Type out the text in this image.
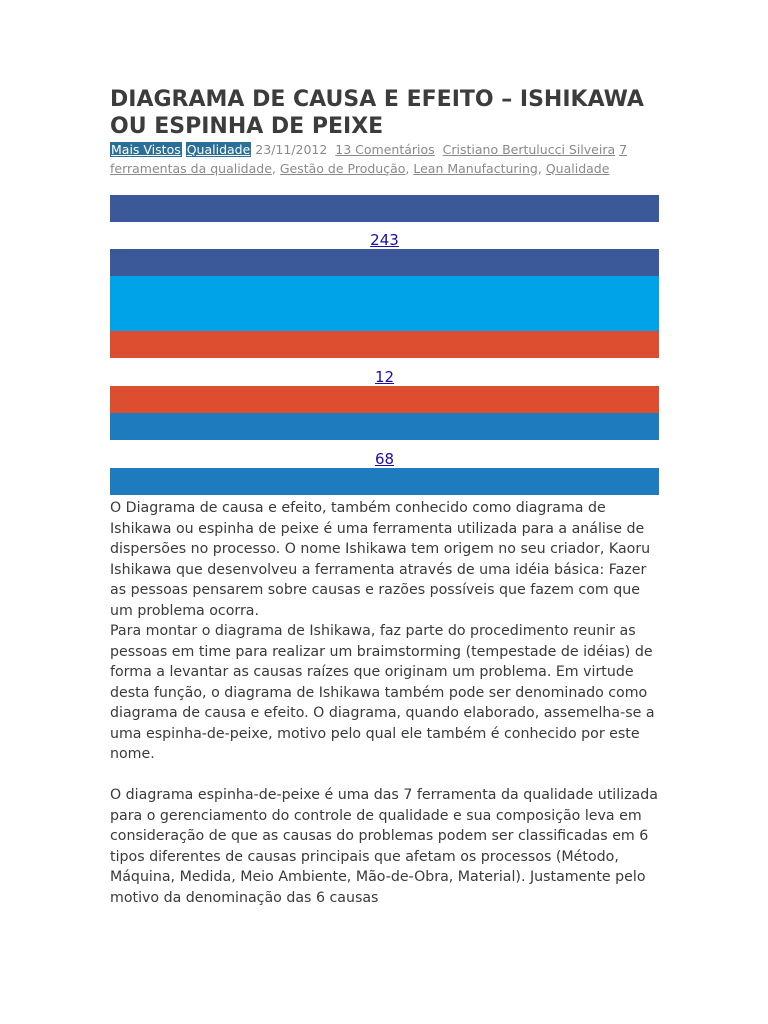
DIAGRAMA DE CAUSA E EFEITO – ISHIKAWA OU ESPINHA DE PEIXE
Mais Vistos Qualidade 23/11/2012 13 Comentários Cristiano Bertulucci Silveira 7 ferramentas da qualidade, Gestão de Produção, Lean Manufacturing, Qualidade
243
12
68

O Diagrama de causa e efeito, também conhecido como diagrama de Ishikawa ou espinha de peixe é uma ferramenta utilizada para a análise de dispersões no processo. O nome Ishikawa tem origem no seu criador, Kaoru Ishikawa que desenvolveu a ferramenta através de uma idéia básica: Fazer as pessoas pensarem sobre causas e razões possíveis que fazem com que um problema ocorra.

Para montar o diagrama de Ishikawa, faz parte do procedimento reunir as pessoas em time para realizar um braimstorming (tempestade de idéias) de forma a levantar as causas raízes que originam um problema. Em virtude desta função, o diagrama de Ishikawa também pode ser denominado como diagrama de causa e efeito. O diagrama, quando elaborado, assemelha-se a uma espinha-de-peixe, motivo pelo qual ele também é conhecido por este nome.

O diagrama espinha-de-peixe é uma das 7 ferramenta da qualidade utilizada para o gerenciamento do controle de qualidade e sua composição leva em consideração de que as causas do problemas podem ser classificadas em 6 tipos diferentes de causas principais que afetam os processos (Método, Máquina, Medida, Meio Ambiente, Mão-de-Obra, Material). Justamente pelo motivo da denominação das 6 causas
